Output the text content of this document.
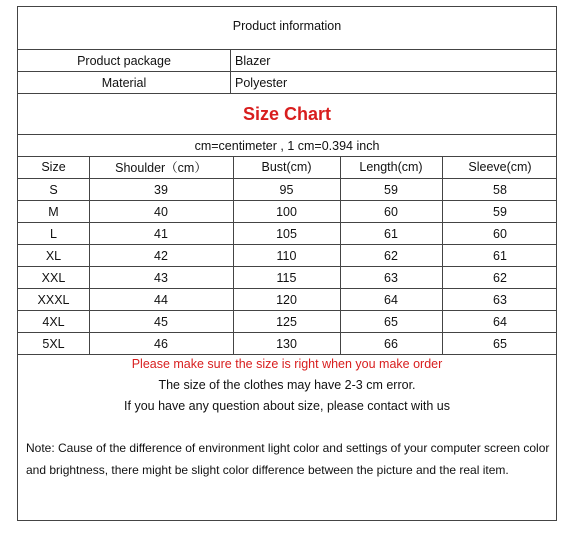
Product information
Product package	Blazer
Material	Polyester
Size Chart
cm=centimeter , 1 cm=0.394 inch
Size	Shoulder（cm）	Bust(cm)	Length(cm)	Sleeve(cm)
S	39	95	59	58
M	40	100	60	59
L	41	105	61	60
XL	42	110	62	61
XXL	43	115	63	62
XXXL	44	120	64	63
4XL	45	125	65	64
5XL	46	130	66	65
Please make sure the size is right when you make order
The size of the clothes may have 2-3 cm error.
If you have any question about size, please contact with us
Note: Cause of the difference of environment light color and settings of your computer screen color
and brightness, there might be slight color difference between the picture and the real item.
